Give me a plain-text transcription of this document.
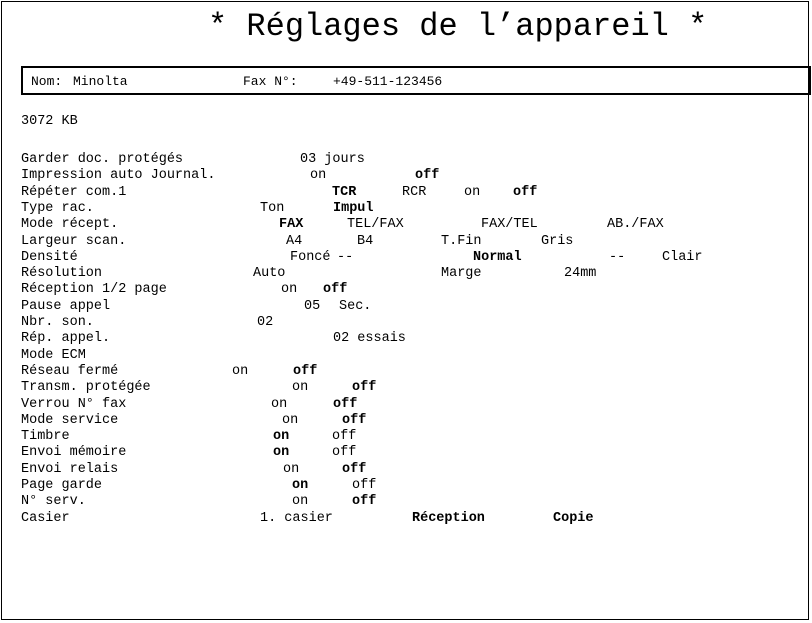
* Réglages de l’appareil *
Nom: Minolta	Fax N°:	+49-511-123456
3072 KB
Garder doc. protégés	03 jours
Impression auto Journal.	on	off
Répéter com.1	TCR	RCR	on off
Type rac.	Ton	Impul
Mode récept.	FAX	TEL/FAX	FAX/TEL	AB./FAX
Largeur scan.	A4	B4	T.Fin	Gris
Densité	Foncé --	Normal	--	Clair
Résolution	Auto	Marge	24mm
Réception 1/2 page	on off
Pause appel	05 Sec.
Nbr. son.	02
Rép. appel.	02 essais
Mode ECM
Réseau fermé	on	off
Transm. protégée	on	off
Verrou N° fax	on	off
Mode service	on	off
Timbre	on	off
Envoi mémoire	on	off
Envoi relais	on	off
Page garde	on	off
N° serv.	on	off
Casier	1. casier	Réception	Copie
